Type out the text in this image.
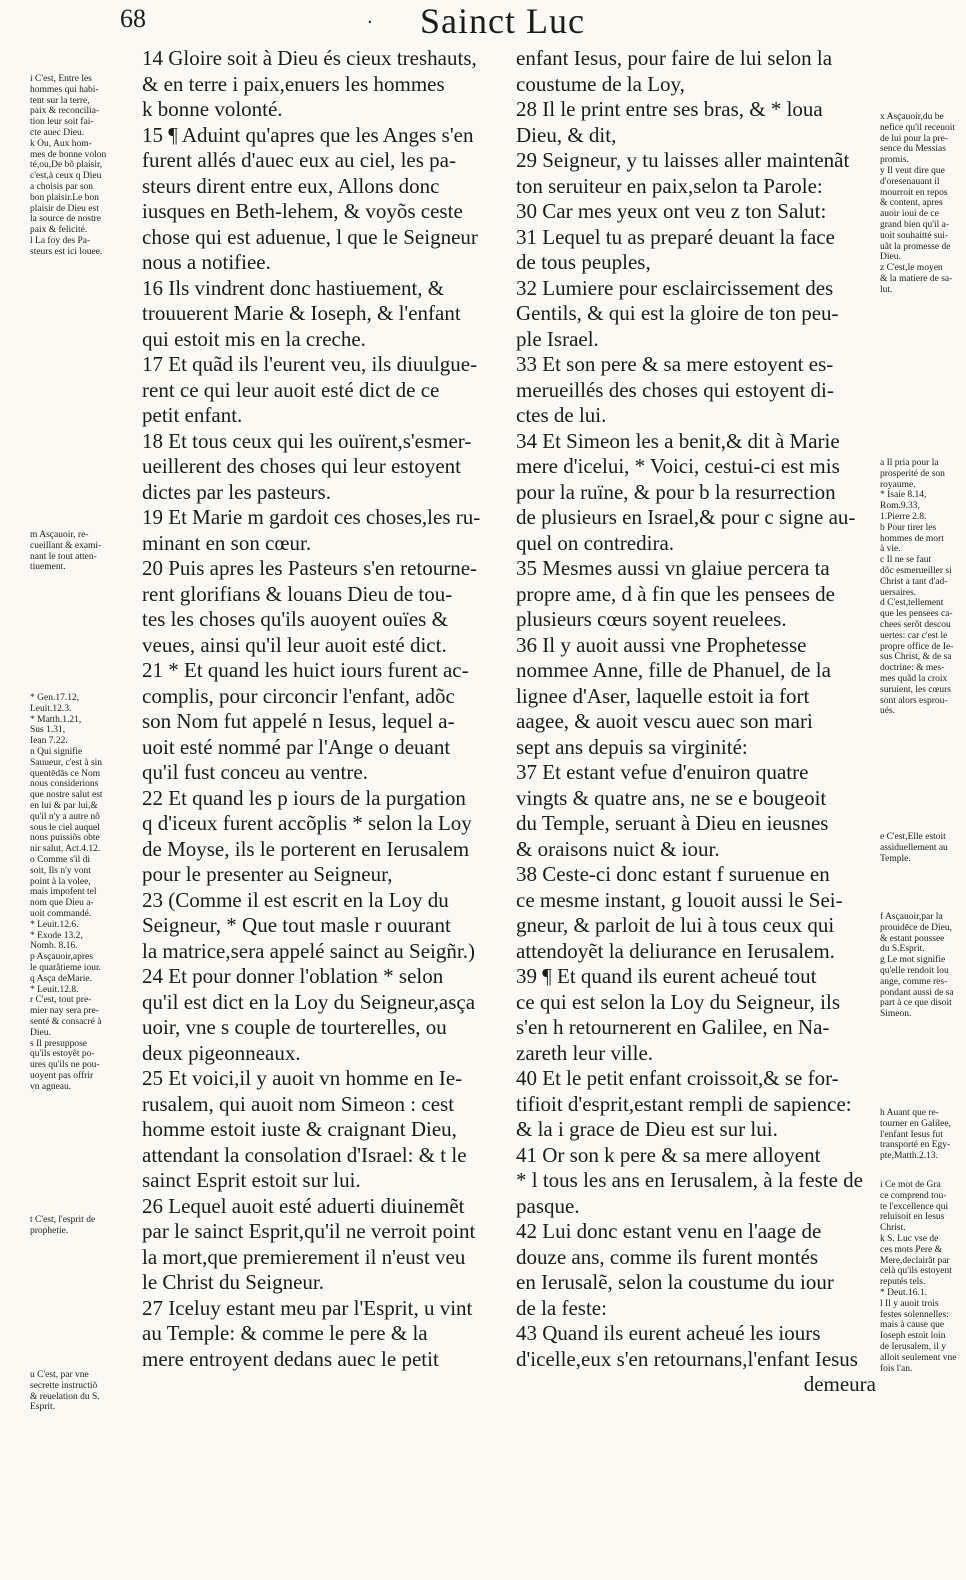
68	· Sainct Luc
i C'est, Entre les
hommes qui habi-
tent sur la terre,
paix & reconcilia-
tion leur soit fai-
cte auec Dieu.
k Ou, Aux hom-
mes de bonne volon
té,ou,De bõ plaisir,
c'est,à ceux q Dieu
a choisis par son
bon plaisir.Le bon
plaisir de Dieu est
la source de nostre
paix & felicité.
l La foy des Pa-
steurs est ici louee.
m Asçauoir, re-
cueillant & exami-
nant le tout atten-
tiuement.
* Gen.17.12,
Leuit.12.3.
* Matth.1.21,
Sus 1.31,
Iean 7.22.
n Qui signifie
Sauueur, c'est à sin
quentēdās ce Nom
nous considerions
que nostre salut est
en lui & par lui,&
qu'il n'y a autre nõ
sous le ciel auquel
nous puissiõs obte
nir salut, Act.4.12.
o Comme s'il di
soit, Ils n'y vont
point à la volee,
mais impofent tel
nom que Dieu a-
uoit commandé.
* Leuit.12.6.
* Exode 13.2,
Nomb. 8.16.
p Asçauoir,apres
le quarãtieme iour.
q Asça deMarie.
* Leuit.12.8.
r C'est, tout pre-
mier nay sera pre-
senté & consacré à
Dieu.
s Il presuppose
qu'ils estoyẽt po-
ures qu'ils ne pou-
uoyent pas offrir
vn agneau.
t C'est, l'esprit de
prophetie.
u C'est, par vne
secrette instructiõ
& reuelation du S.
Esprit.
14 Gloire soit à Dieu és cieux treshauts,
& en terre i paix,enuers les hommes
k bonne volonté.
15 ¶ Aduint qu'apres que les Anges s'en
furent allés d'auec eux au ciel, les pa-
steurs dirent entre eux, Allons donc
iusques en Beth-lehem, & voyõs ceste
chose qui est aduenue, l que le Seigneur
nous a notifiee.
16 Ils vindrent donc hastiuement, &
trouuerent Marie & Ioseph, & l'enfant
qui estoit mis en la creche.
17 Et quãd ils l'eurent veu, ils diuulgue-
rent ce qui leur auoit esté dict de ce
petit enfant.
18 Et tous ceux qui les ouïrent,s'esmer-
ueillerent des choses qui leur estoyent
dictes par les pasteurs.
19 Et Marie m gardoit ces choses,les ru-
minant en son cœur.
20 Puis apres les Pasteurs s'en retourne-
rent glorifians & louans Dieu de tou-
tes les choses qu'ils auoyent ouïes &
veues, ainsi qu'il leur auoit esté dict.
21 * Et quand les huict iours furent ac-
complis, pour circoncir l'enfant, adõc
son Nom fut appelé n Iesus, lequel a-
uoit esté nommé par l'Ange o deuant
qu'il fust conceu au ventre.
22 Et quand les p iours de la purgation
q d'iceux furent accõplis * selon la Loy
de Moyse, ils le porterent en Ierusalem
pour le presenter au Seigneur,
23 (Comme il est escrit en la Loy du
Seigneur, * Que tout masle r ouurant
la matrice,sera appelé sainct au Seigñr.)
24 Et pour donner l'oblation * selon
qu'il est dict en la Loy du Seigneur,asça
uoir, vne s couple de tourterelles, ou
deux pigeonneaux.
25 Et voici,il y auoit vn homme en Ie-
rusalem, qui auoit nom Simeon : cest
homme estoit iuste & craignant Dieu,
attendant la consolation d'Israel: & t le
sainct Esprit estoit sur lui.
26 Lequel auoit esté aduerti diuinemẽt
par le sainct Esprit,qu'il ne verroit point
la mort,que premierement il n'eust veu
le Christ du Seigneur.
27 Iceluy estant meu par l'Esprit, u vint
au Temple: & comme le pere & la
mere entroyent dedans auec le petit
enfant Iesus, pour faire de lui selon la
coustume de la Loy,
28 Il le print entre ses bras, & * loua
Dieu, & dit,
29 Seigneur, y tu laisses aller maintenãt
ton seruiteur en paix,selon ta Parole:
30 Car mes yeux ont veu z ton Salut:
31 Lequel tu as preparé deuant la face
de tous peuples,
32 Lumiere pour esclaircissement des
Gentils, & qui est la gloire de ton peu-
ple Israel.
33 Et son pere & sa mere estoyent es-
merueillés des choses qui estoyent di-
ctes de lui.
34 Et Simeon les a benit,& dit à Marie
mere d'icelui, * Voici, cestui-ci est mis
pour la ruïne, & pour b la resurrection
de plusieurs en Israel,& pour c signe au-
quel on contredira.
35 Mesmes aussi vn glaiue percera ta
propre ame, d à fin que les pensees de
plusieurs cœurs soyent reuelees.
36 Il y auoit aussi vne Prophetesse
nommee Anne, fille de Phanuel, de la
lignee d'Aser, laquelle estoit ia fort
aagee, & auoit vescu auec son mari
sept ans depuis sa virginité:
37 Et estant vefue d'enuiron quatre
vingts & quatre ans, ne se e bougeoit
du Temple, seruant à Dieu en ieusnes
& oraisons nuict & iour.
38 Ceste-ci donc estant f suruenue en
ce mesme instant, g louoit aussi le Sei-
gneur, & parloit de lui à tous ceux qui
attendoyẽt la deliurance en Ierusalem.
39 ¶ Et quand ils eurent acheué tout
ce qui est selon la Loy du Seigneur, ils
s'en h retournerent en Galilee, en Na-
zareth leur ville.
40 Et le petit enfant croissoit,& se for-
tifioit d'esprit,estant rempli de sapience:
& la i grace de Dieu est sur lui.
41 Or son k pere & sa mere alloyent
* l tous les ans en Ierusalem, à la feste de
pasque.
42 Lui donc estant venu en l'aage de
douze ans, comme ils furent montés
en Ierusalẽ, selon la coustume du iour
de la feste:
43 Quand ils eurent acheué les iours
d'icelle,eux s'en retournans,l'enfant Iesus
demeura
x Asçauoir,du be
nefice qu'il receuoit
de lui pour la pre-
sence du Messias
promis.
y Il veut dire que
d'oresenauant il
mourroit en repos
& content, apres
auoir ioui de ce
grand bien qu'il a-
uoit souhaitté sui-
uãt la promesse de
Dieu.
z C'est,le moyen
& la matiere de sa-
lut.
a Il pria pour la
prosperité de son
royaume.
* Isaie 8.14,
Rom.9.33,
1.Pierre 2.8.
b Pour tirer les
hommes de mort
à vie.
c Il ne se faut
dõc esmerueiller si
Christ a tant d'ad-
uersaires.
d C'est,tellement
que les pensees ca-
chees serõt descou
uertes: car c'est le
propre office de Ie-
sus Christ, & de sa
doctrine: & mes-
mes quãd la croix
suruient, les cœurs
sont alors esprou-
ués.
e C'est,Elle estoit
assiduellement au
Temple.
f Asçauoir,par la
prouidēce de Dieu,
& estant poussee
du S.Esprit.
g Le mot signifie
qu'elle rendoit lou
ange, comme res-
pondant aussi de sa
part à ce que disoit
Simeon.
h Auant que re-
tourner en Galilee,
l'enfant Iesus fut
transporté en Egy-
pte,Matth.2.13.
i Ce mot de Gra
ce comprend tou-
te l'excellence qui
reluisoit en Iesus
Christ.
k S. Luc vse de
ces mots Pere &
Mere,declairãt par
celà qu'ils estoyent
reputés tels.
* Deut.16.1.
l Il y auoit trois
festes solennelles:
mais à cause que
Ioseph estoit loin
de Ierusalem, il y
alloit seulement vne
fois l'an.
